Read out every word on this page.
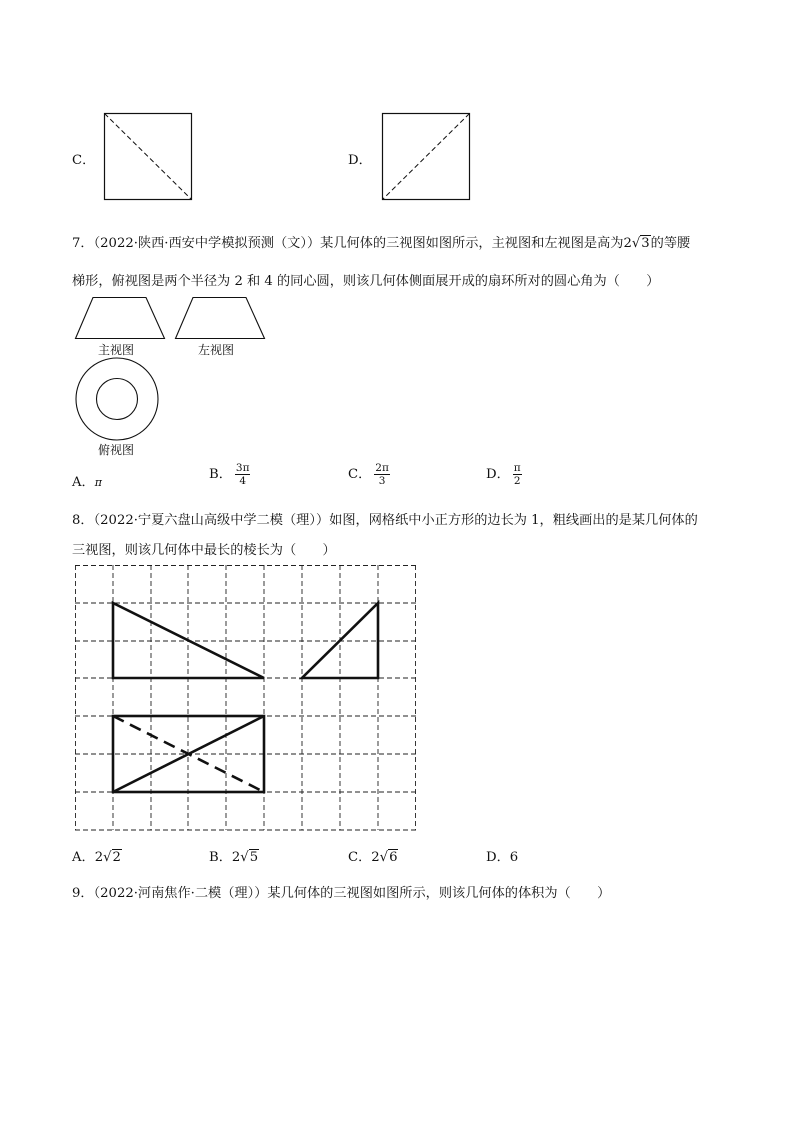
C．	D．
7．（2022·陕西·西安中学模拟预测（文））某几何体的三视图如图所示，主视图和左视图是高为2√3的等腰
梯形，俯视图是两个半径为 2 和 4 的同心圆，则该几何体侧面展开成的扇环所对的圆心角为（　　）
主视图	左视图
俯视图
A．π
B． $\frac{3\pi}{4}$	C． $\frac{2\pi}{3}$	D． $\frac{\pi}{2}$
8．（2022·宁夏六盘山高级中学二模（理））如图，网格纸中小正方形的边长为 1，粗线画出的是某几何体的
三视图，则该几何体中最长的棱长为（　　）
A．2√2	B．2√5	C．2√6	D．6
9．（2022·河南焦作·二模（理））某几何体的三视图如图所示，则该几何体的体积为（　　）
